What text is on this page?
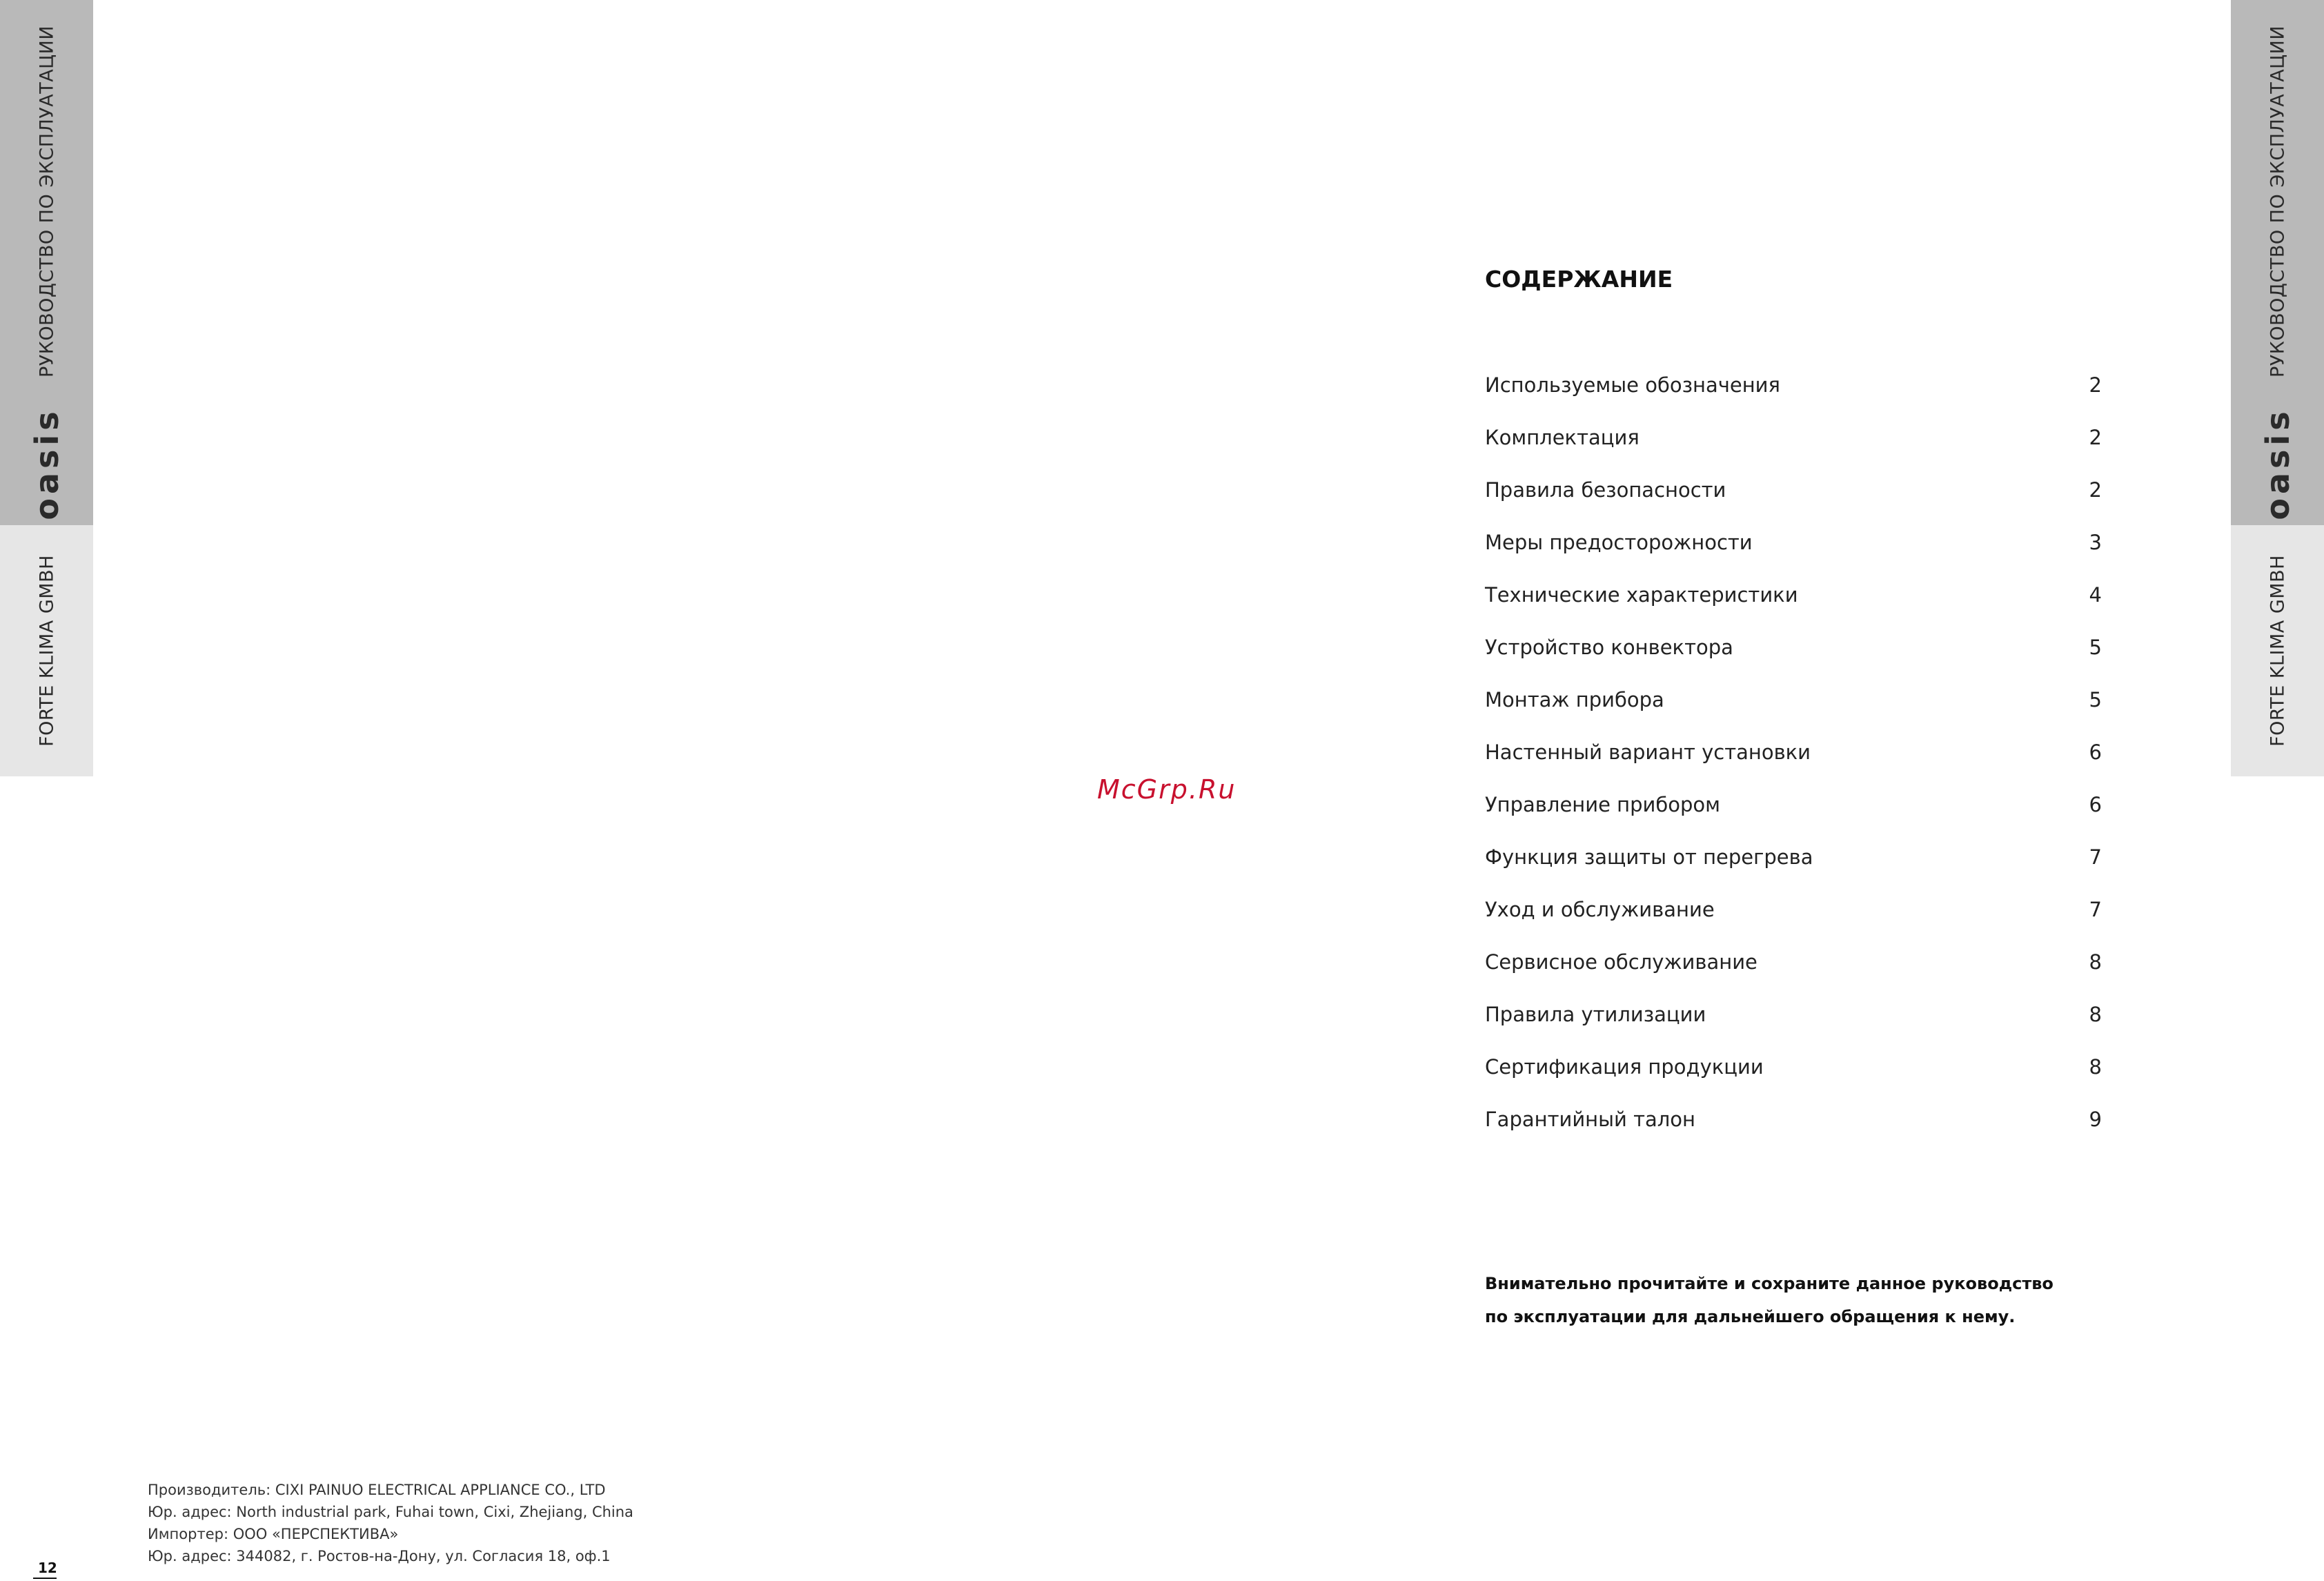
РУКОВОДСТВО ПО ЭКСПЛУАТАЦИИ
oasis
FORTE KLIMA GMBH
РУКОВОДСТВО ПО ЭКСПЛУАТАЦИИ
oasis
FORTE KLIMA GMBH
McGrp.Ru
СОДЕРЖАНИЕ
Используемые обозначения	2
Комплектация	2
Правила безопасности	2
Меры предосторожности	3
Технические характеристики	4
Устройство конвектора	5
Монтаж прибора	5
Настенный вариант установки	6
Управление прибором	6
Функция защиты от перегрева	7
Уход и обслуживание	7
Сервисное обслуживание	8
Правила утилизации	8
Сертификация продукции	8
Гарантийный талон	9
Внимательно прочитайте и сохраните данное руководство
по эксплуатации для дальнейшего обращения к нему.
Производитель: CIXI PAINUO ELECTRICAL APPLIANCE CO., LTD
Юр. адрес: North industrial park, Fuhai town, Cixi, Zhejiang, China
Импортер: ООО «ПЕРСПЕКТИВА»
Юр. адрес: 344082, г. Ростов-на-Дону, ул. Согласия 18, оф.1
12
